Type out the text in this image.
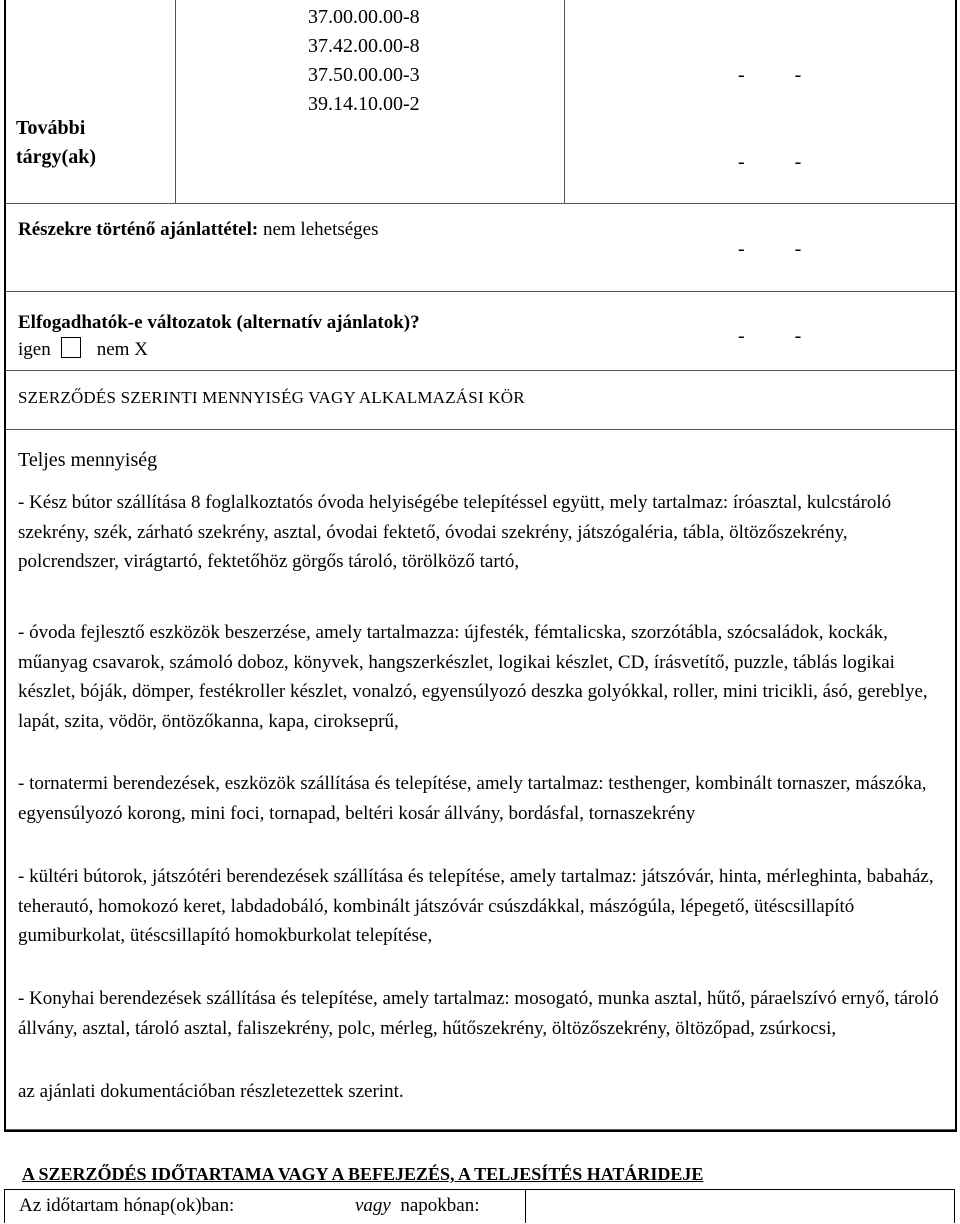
További
tárgy(ak)
37.00.00.00-8
37.42.00.00-8
37.50.00.00-3
39.14.10.00-2

-          -

-          -

-          -

-          -

Részekre történő ajánlattétel: nem lehetséges
Elfogadhatók-e változatok (alternatív ajánlatok)?
igen nem X
SZERZŐDÉS SZERINTI MENNYISÉG VAGY ALKALMAZÁSI KÖR
Teljes mennyiség
- Kész bútor szállítása 8 foglalkoztatós óvoda helyiségébe telepítéssel együtt, mely tartalmaz: íróasztal, kulcstároló szekrény, szék, zárható szekrény, asztal, óvodai fektető, óvodai szekrény, játszógaléria, tábla, öltözőszekrény, polcrendszer, virágtartó, fektetőhöz görgős tároló, törölköző tartó,
- óvoda fejlesztő eszközök beszerzése, amely tartalmazza: újfesték, fémtalicska, szorzótábla, szócsaládok, kockák, műanyag csavarok, számoló doboz, könyvek, hangszerkészlet, logikai készlet, CD, írásvetítő, puzzle, táblás logikai készlet, bóják, dömper, festékroller készlet, vonalzó, egyensúlyozó deszka golyókkal, roller, mini tricikli, ásó, gereblye, lapát, szita, vödör, öntözőkanna, kapa, cirokseprű,
- tornatermi berendezések, eszközök szállítása és telepítése, amely tartalmaz: testhenger, kombinált tornaszer, mászóka, egyensúlyozó korong, mini foci, tornapad, beltéri kosár állvány, bordásfal, tornaszekrény
- kültéri bútorok, játszótéri berendezések szállítása és telepítése, amely tartalmaz: játszóvár, hinta, mérleghinta, babaház, teherautó, homokozó keret, labdadobáló, kombinált játszóvár csúszdákkal, mászógúla, lépegető, ütéscsillapító gumiburkolat, ütéscsillapító homokburkolat telepítése,
- Konyhai berendezések szállítása és telepítése, amely tartalmaz: mosogató, munka asztal, hűtő, páraelszívó ernyő, tároló állvány, asztal, tároló asztal, faliszekrény, polc, mérleg, hűtőszekrény, öltözőszekrény, öltözőpad, zsúrkocsi,
az ajánlati dokumentációban részletezettek szerint.
A SZERZŐDÉS IDŐTARTAMA VAGY A BEFEJEZÉS, A TELJESÍTÉS HATÁRIDEJE
Az időtartam hónap(ok)ban:	vagy napokban:
